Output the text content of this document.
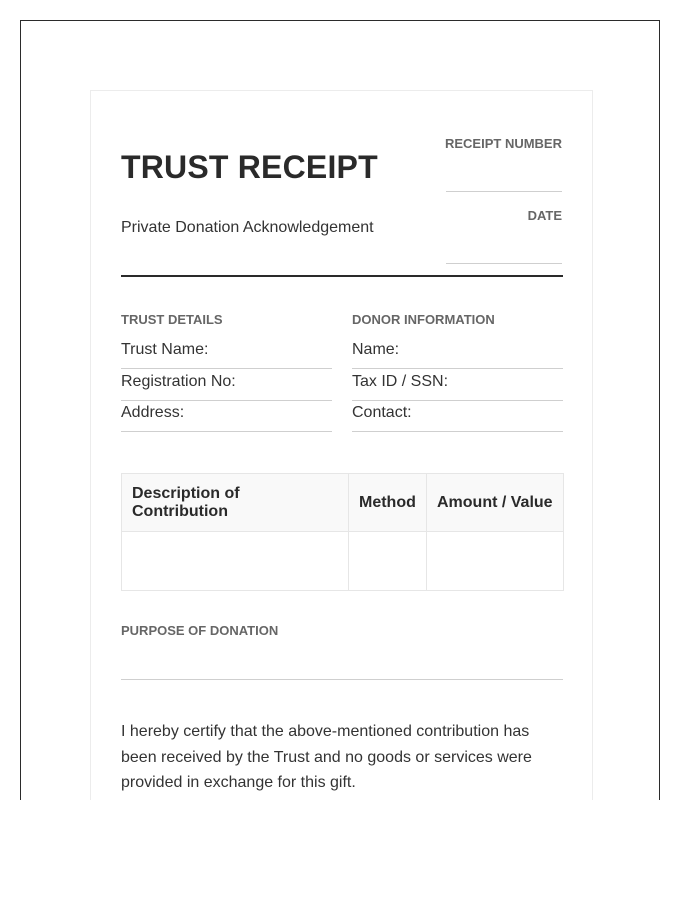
TRUST RECEIPT
Private Donation Acknowledgement
RECEIPT NUMBER
DATE
TRUST DETAILS
Trust Name:
Registration No:
Address:
DONOR INFORMATION
Name:
Tax ID / SSN:
Contact:
Description of Contribution	Method	Amount / Value

PURPOSE OF DONATION

I hereby certify that the above-mentioned contribution has been received by the Trust and no goods or services were provided in exchange for this gift.
